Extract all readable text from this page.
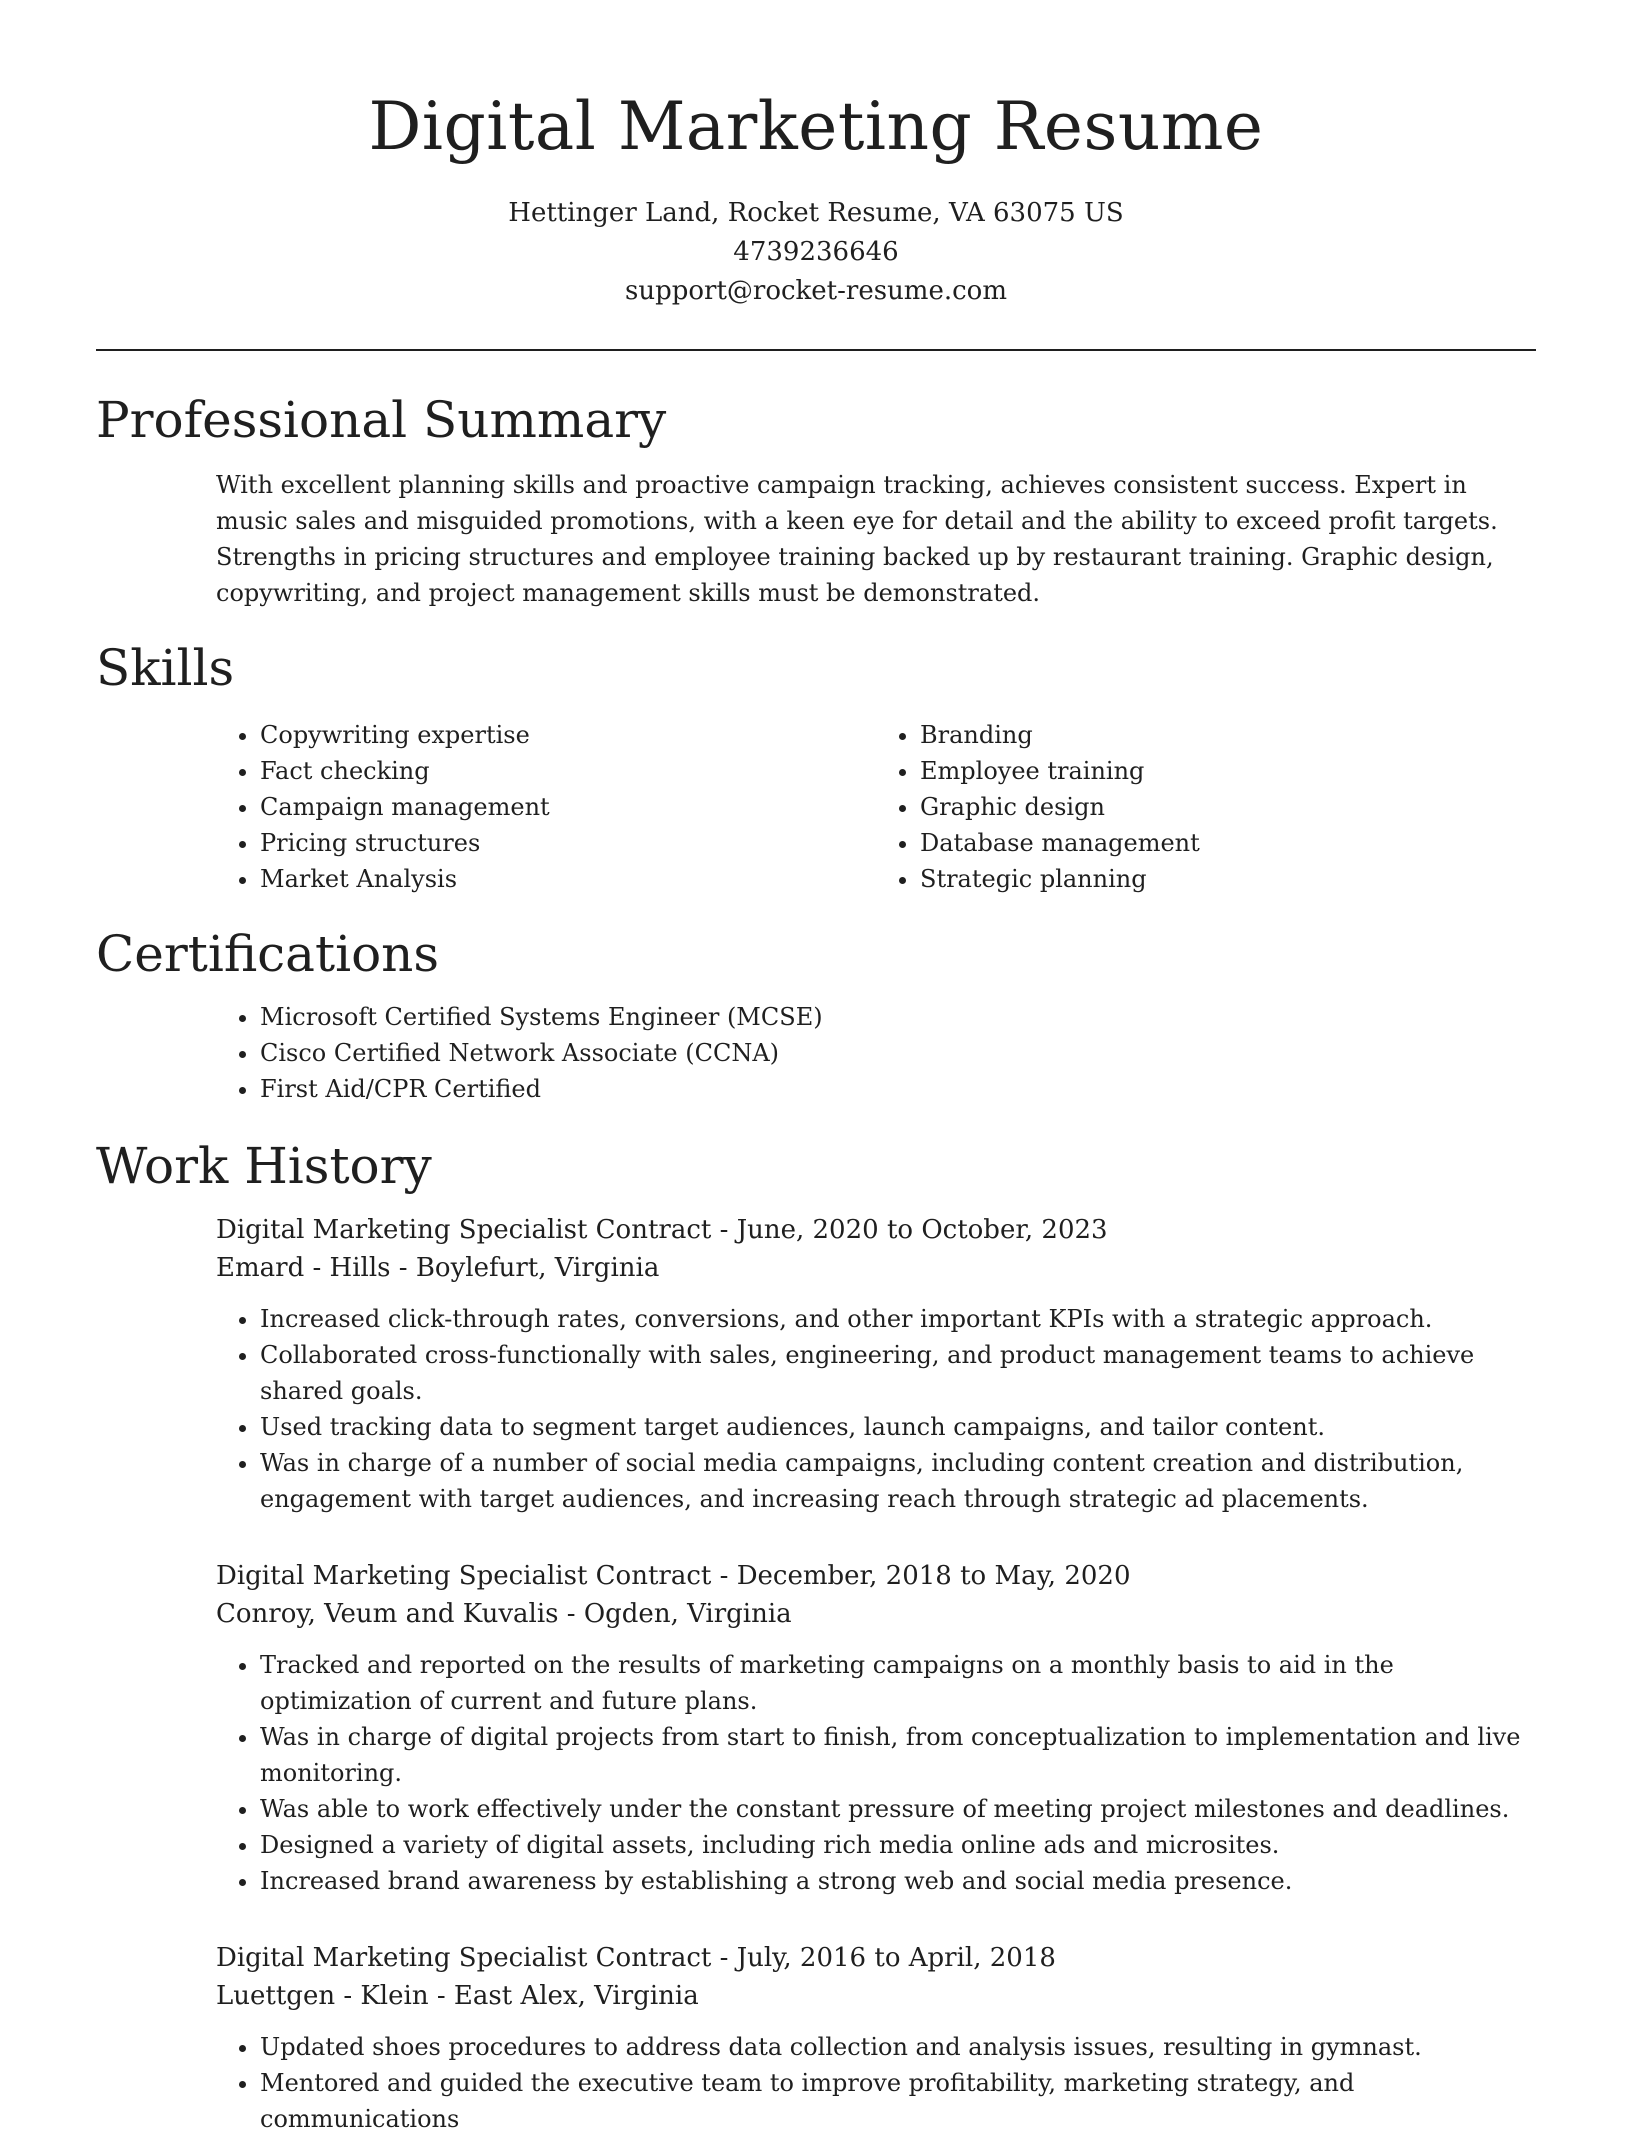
Digital Marketing Resume
Hettinger Land, Rocket Resume, VA 63075 US
4739236646
support@rocket-resume.com
Professional Summary

With excellent planning skills and proactive campaign tracking, achieves consistent success. Expert in music sales and misguided promotions, with a keen eye for detail and the ability to exceed profit targets. Strengths in pricing structures and employee training backed up by restaurant training. Graphic design, copywriting, and project management skills must be demonstrated.

Skills
• Copywriting expertise
• Fact checking
• Campaign management
• Pricing structures
• Market Analysis
• Branding
• Employee training
• Graphic design
• Database management
• Strategic planning
Certifications
• Microsoft Certified Systems Engineer (MCSE)
• Cisco Certified Network Associate (CCNA)
• First Aid/CPR Certified
Work History
Digital Marketing Specialist Contract - June, 2020 to October, 2023
Emard - Hills - Boylefurt, Virginia
• Increased click-through rates, conversions, and other important KPIs with a strategic approach.
• Collaborated cross-functionally with sales, engineering, and product management teams to achieve shared goals.
• Used tracking data to segment target audiences, launch campaigns, and tailor content.
• Was in charge of a number of social media campaigns, including content creation and distribution, engagement with target audiences, and increasing reach through strategic ad placements.
Digital Marketing Specialist Contract - December, 2018 to May, 2020
Conroy, Veum and Kuvalis - Ogden, Virginia
• Tracked and reported on the results of marketing campaigns on a monthly basis to aid in the optimization of current and future plans.
• Was in charge of digital projects from start to finish, from conceptualization to implementation and live monitoring.
• Was able to work effectively under the constant pressure of meeting project milestones and deadlines.
• Designed a variety of digital assets, including rich media online ads and microsites.
• Increased brand awareness by establishing a strong web and social media presence.
Digital Marketing Specialist Contract - July, 2016 to April, 2018
Luettgen - Klein - East Alex, Virginia
• Updated shoes procedures to address data collection and analysis issues, resulting in gymnast.
• Mentored and guided the executive team to improve profitability, marketing strategy, and communications
